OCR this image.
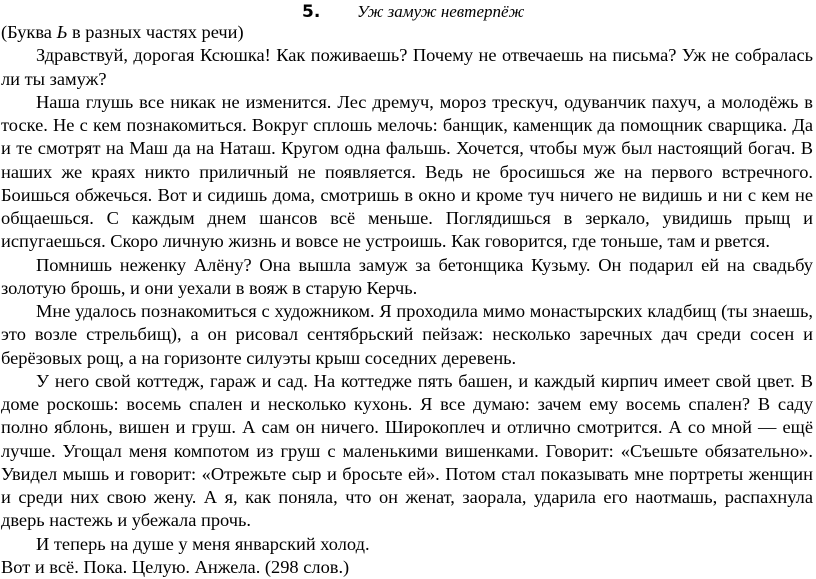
5. Уж замуж невтерпёж

(Буква Ь в разных частях речи)

Здравствуй, дорогая Ксюшка! Как поживаешь? Почему не отвечаешь на письма? Уж не собралась ли ты замуж?

Наша глушь все никак не изменится. Лес дремуч, мороз трескуч, одуванчик пахуч, а молодёжь в тоске. Не с кем познакомиться. Вокруг сплошь мелочь: банщик, каменщик да помощник сварщика. Да и те смотрят на Маш да на Наташ. Кругом одна фальшь. Хочется, чтобы муж был настоящий богач. В наших же краях никто приличный не появляется. Ведь не бросишься же на первого встречного. Боишься обжечься. Вот и сидишь дома, смотришь в окно и кроме туч ничего не видишь и ни с кем не общаешься. С каждым днем шансов всё меньше. Поглядишься в зеркало, увидишь прыщ и испугаешься. Скоро личную жизнь и вовсе не устроишь. Как говорится, где тоньше, там и рвется.

Помнишь неженку Алёну? Она вышла замуж за бетонщика Кузьму. Он подарил ей на свадьбу золотую брошь, и они уехали в вояж в старую Керчь.

Мне удалось познакомиться с художником. Я проходила мимо монастырских кладбищ (ты знаешь, это возле стрельбищ), а он рисовал сентябрьский пейзаж: несколько заречных дач среди сосен и берёзовых рощ, а на горизонте силуэты крыш соседних деревень.

У него свой коттедж, гараж и сад. На коттедже пять башен, и каждый кирпич имеет свой цвет. В доме роскошь: восемь спален и несколько кухонь. Я все думаю: зачем ему восемь спален? В саду полно яблонь, вишен и груш. А сам он ничего. Широкоплеч и отлично смотрится. А со мной — ещё лучше. Угощал меня компотом из груш с маленькими вишенками. Говорит: «Съешьте обязательно». Увидел мышь и говорит: «Отрежьте сыр и бросьте ей». Потом стал показывать мне портреты женщин и среди них свою жену. А я, как поняла, что он женат, заорала, ударила его наотмашь, распахнула дверь настежь и убежала прочь.

И теперь на душе у меня январский холод.

Вот и всё. Пока. Целую. Анжела. (298 слов.)
